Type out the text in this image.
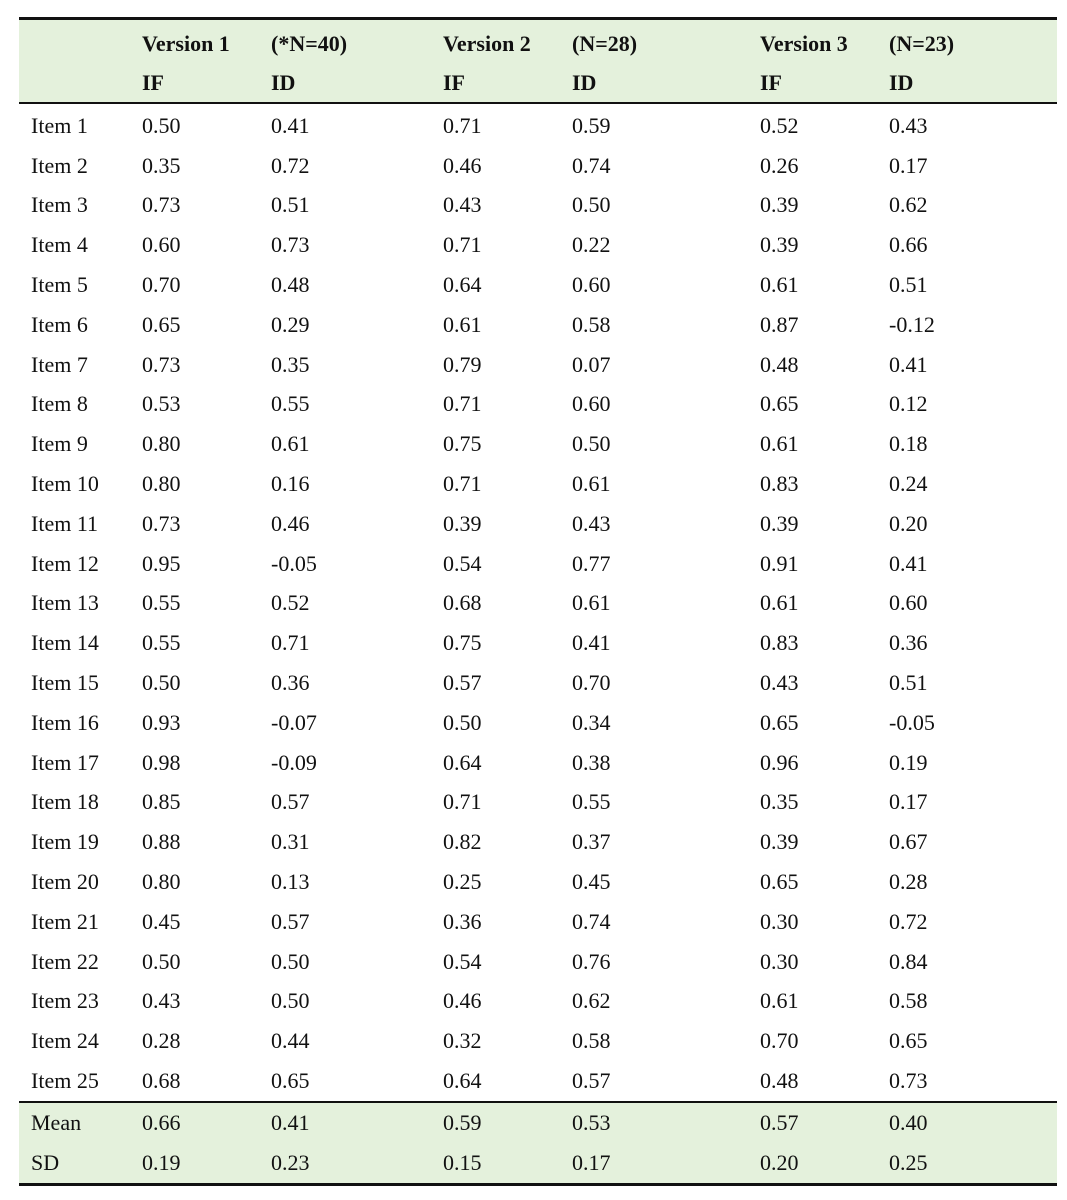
	Version 1	(*N=40)	Version 2	(N=28)	Version 3	(N=23)
	IF	ID	IF	ID	IF	ID
Item 1	0.50	0.41	0.71	0.59	0.52	0.43
Item 2	0.35	0.72	0.46	0.74	0.26	0.17
Item 3	0.73	0.51	0.43	0.50	0.39	0.62
Item 4	0.60	0.73	0.71	0.22	0.39	0.66
Item 5	0.70	0.48	0.64	0.60	0.61	0.51
Item 6	0.65	0.29	0.61	0.58	0.87	-0.12
Item 7	0.73	0.35	0.79	0.07	0.48	0.41
Item 8	0.53	0.55	0.71	0.60	0.65	0.12
Item 9	0.80	0.61	0.75	0.50	0.61	0.18
Item 10	0.80	0.16	0.71	0.61	0.83	0.24
Item 11	0.73	0.46	0.39	0.43	0.39	0.20
Item 12	0.95	-0.05	0.54	0.77	0.91	0.41
Item 13	0.55	0.52	0.68	0.61	0.61	0.60
Item 14	0.55	0.71	0.75	0.41	0.83	0.36
Item 15	0.50	0.36	0.57	0.70	0.43	0.51
Item 16	0.93	-0.07	0.50	0.34	0.65	-0.05
Item 17	0.98	-0.09	0.64	0.38	0.96	0.19
Item 18	0.85	0.57	0.71	0.55	0.35	0.17
Item 19	0.88	0.31	0.82	0.37	0.39	0.67
Item 20	0.80	0.13	0.25	0.45	0.65	0.28
Item 21	0.45	0.57	0.36	0.74	0.30	0.72
Item 22	0.50	0.50	0.54	0.76	0.30	0.84
Item 23	0.43	0.50	0.46	0.62	0.61	0.58
Item 24	0.28	0.44	0.32	0.58	0.70	0.65
Item 25	0.68	0.65	0.64	0.57	0.48	0.73
Mean	0.66	0.41	0.59	0.53	0.57	0.40
SD	0.19	0.23	0.15	0.17	0.20	0.25
